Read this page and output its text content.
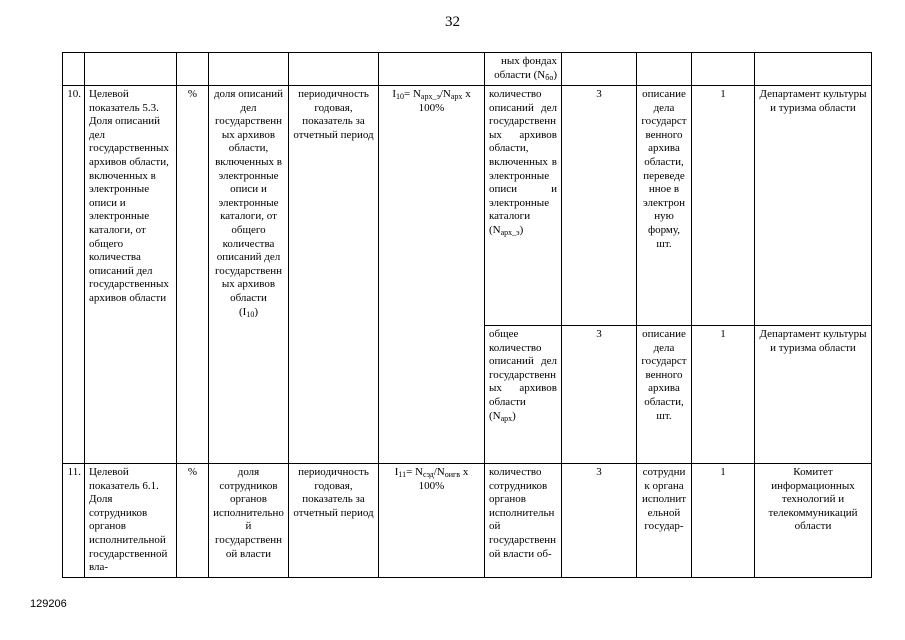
32
						ных фондах
области $(N_{бо})$				
10.	Целевой показатель 5.3. Доля описаний дел государственных архивов области, включенных в электронные описи и электронные каталоги, от общего количества описаний дел государственных архивов области	%	доля описаний дел государственных архивов области, включенных в электронные описи и электронные каталоги, от общего количества описаний дел государственных архивов области
$(I_{10})$	периодичность годовая, показатель за отчетный период	$I_{10}= N_{арх\_э}/N_{арх}$ x 100%	количество описаний дел государственных архивов области, включенных в электронные описи и электронные каталоги
$(N_{арх\_э})$	3	описание дела государственного архива области, переведенное в электронную форму, шт.	1	Департамент культуры и туризма области
						общее количество описаний дел государственных архивов области
$(N_{арх})$	3	описание дела государственного архива области, шт.	1	Департамент культуры и туризма области
11.	Целевой показатель 6.1. Доля сотрудников органов исполнительной государственной вла-	%	доля сотрудников органов исполнительной государственной власти	периодичность годовая, показатель за отчетный период	$I_{11}= N_{сэд}/N_{оигв}$ x 100%	количество сотрудников органов исполнительной государственной власти об-	3	сотрудник органа исполнительной государ-	1	Комитет информационных технологий и телекоммуникаций области
129206
